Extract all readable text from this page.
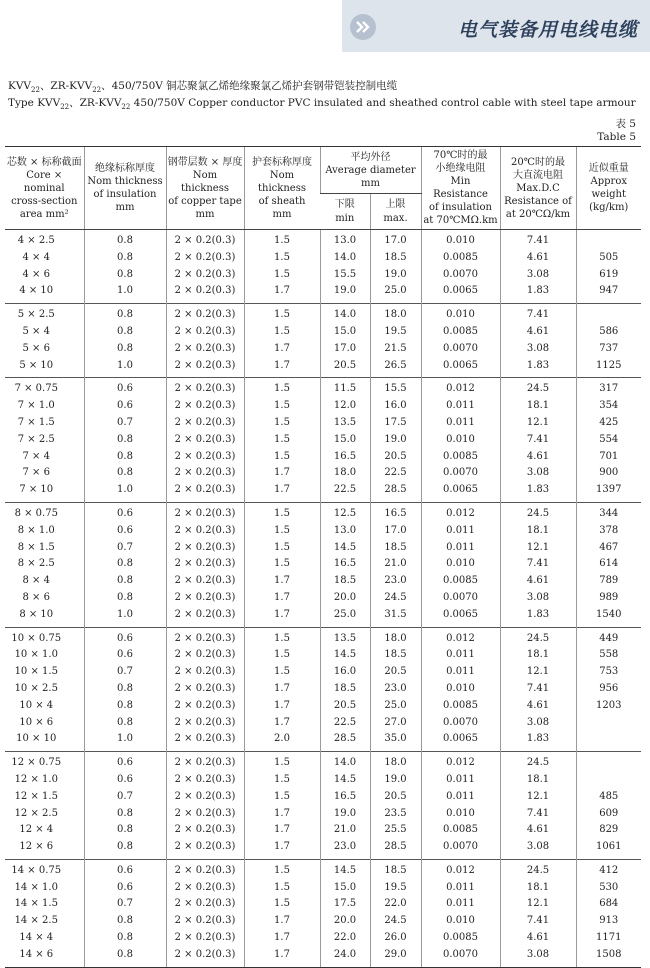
电气装备用电线电缆
$KVV_{22}$、$ZR-KVV_{22}$、450/750V 铜芯聚氯乙烯绝缘聚氯乙烯护套钢带铠装控制电缆
Type $KVV_{22}$、$ZR-KVV_{22}$ 450/750V Copper conductor PVC insulated and sheathed control cable with steel tape armour
表 5
Table 5
芯数 × 标称截面
Core × nominal
cross-section
area mm²	绝缘标称厚度
Nom thickness
of insulation
mm	钢带层数 × 厚度
Nom thickness
of copper tape
mm	护套标称厚度
Nom thickness
of sheath
mm	平均外径
Average diameter mm		70℃时的最
小绝缘电阻
Min Resistance
of insulation
at 70℃MΩ.km	20℃时的最
大直流电阻
Max.D.C
Resistance of
at 20℃Ω/km	近似重量
Approx
weight
(kg/km)
				下限
min	上限
max.			
4 × 2.5	0.8	2 × 0.2(0.3)	1.5	13.0	17.0	0.010	7.41	
4 × 4	0.8	2 × 0.2(0.3)	1.5	14.0	18.5	0.0085	4.61	505
4 × 6	0.8	2 × 0.2(0.3)	1.5	15.5	19.0	0.0070	3.08	619
4 × 10	1.0	2 × 0.2(0.3)	1.7	19.0	25.0	0.0065	1.83	947
5 × 2.5	0.8	2 × 0.2(0.3)	1.5	14.0	18.0	0.010	7.41	
5 × 4	0.8	2 × 0.2(0.3)	1.5	15.0	19.5	0.0085	4.61	586
5 × 6	0.8	2 × 0.2(0.3)	1.7	17.0	21.5	0.0070	3.08	737
5 × 10	1.0	2 × 0.2(0.3)	1.7	20.5	26.5	0.0065	1.83	1125
7 × 0.75	0.6	2 × 0.2(0.3)	1.5	11.5	15.5	0.012	24.5	317
7 × 1.0	0.6	2 × 0.2(0.3)	1.5	12.0	16.0	0.011	18.1	354
7 × 1.5	0.7	2 × 0.2(0.3)	1.5	13.5	17.5	0.011	12.1	425
7 × 2.5	0.8	2 × 0.2(0.3)	1.5	15.0	19.0	0.010	7.41	554
7 × 4	0.8	2 × 0.2(0.3)	1.5	16.5	20.5	0.0085	4.61	701
7 × 6	0.8	2 × 0.2(0.3)	1.7	18.0	22.5	0.0070	3.08	900
7 × 10	1.0	2 × 0.2(0.3)	1.7	22.5	28.5	0.0065	1.83	1397
8 × 0.75	0.6	2 × 0.2(0.3)	1.5	12.5	16.5	0.012	24.5	344
8 × 1.0	0.6	2 × 0.2(0.3)	1.5	13.0	17.0	0.011	18.1	378
8 × 1.5	0.7	2 × 0.2(0.3)	1.5	14.5	18.5	0.011	12.1	467
8 × 2.5	0.8	2 × 0.2(0.3)	1.5	16.5	21.0	0.010	7.41	614
8 × 4	0.8	2 × 0.2(0.3)	1.7	18.5	23.0	0.0085	4.61	789
8 × 6	0.8	2 × 0.2(0.3)	1.7	20.0	24.5	0.0070	3.08	989
8 × 10	1.0	2 × 0.2(0.3)	1.7	25.0	31.5	0.0065	1.83	1540
10 × 0.75	0.6	2 × 0.2(0.3)	1.5	13.5	18.0	0.012	24.5	449
10 × 1.0	0.6	2 × 0.2(0.3)	1.5	14.5	18.5	0.011	18.1	558
10 × 1.5	0.7	2 × 0.2(0.3)	1.5	16.0	20.5	0.011	12.1	753
10 × 2.5	0.8	2 × 0.2(0.3)	1.7	18.5	23.0	0.010	7.41	956
10 × 4	0.8	2 × 0.2(0.3)	1.7	20.5	25.0	0.0085	4.61	1203
10 × 6	0.8	2 × 0.2(0.3)	1.7	22.5	27.0	0.0070	3.08	
10 × 10	1.0	2 × 0.2(0.3)	2.0	28.5	35.0	0.0065	1.83	
12 × 0.75	0.6	2 × 0.2(0.3)	1.5	14.0	18.0	0.012	24.5	
12 × 1.0	0.6	2 × 0.2(0.3)	1.5	14.5	19.0	0.011	18.1	
12 × 1.5	0.7	2 × 0.2(0.3)	1.5	16.5	20.5	0.011	12.1	485
12 × 2.5	0.8	2 × 0.2(0.3)	1.7	19.0	23.5	0.010	7.41	609
12 × 4	0.8	2 × 0.2(0.3)	1.7	21.0	25.5	0.0085	4.61	829
12 × 6	0.8	2 × 0.2(0.3)	1.7	23.0	28.5	0.0070	3.08	1061
14 × 0.75	0.6	2 × 0.2(0.3)	1.5	14.5	18.5	0.012	24.5	412
14 × 1.0	0.6	2 × 0.2(0.3)	1.5	15.0	19.5	0.011	18.1	530
14 × 1.5	0.7	2 × 0.2(0.3)	1.5	17.5	22.0	0.011	12.1	684
14 × 2.5	0.8	2 × 0.2(0.3)	1.7	20.0	24.5	0.010	7.41	913
14 × 4	0.8	2 × 0.2(0.3)	1.7	22.0	26.0	0.0085	4.61	1171
14 × 6	0.8	2 × 0.2(0.3)	1.7	24.0	29.0	0.0070	3.08	1508
